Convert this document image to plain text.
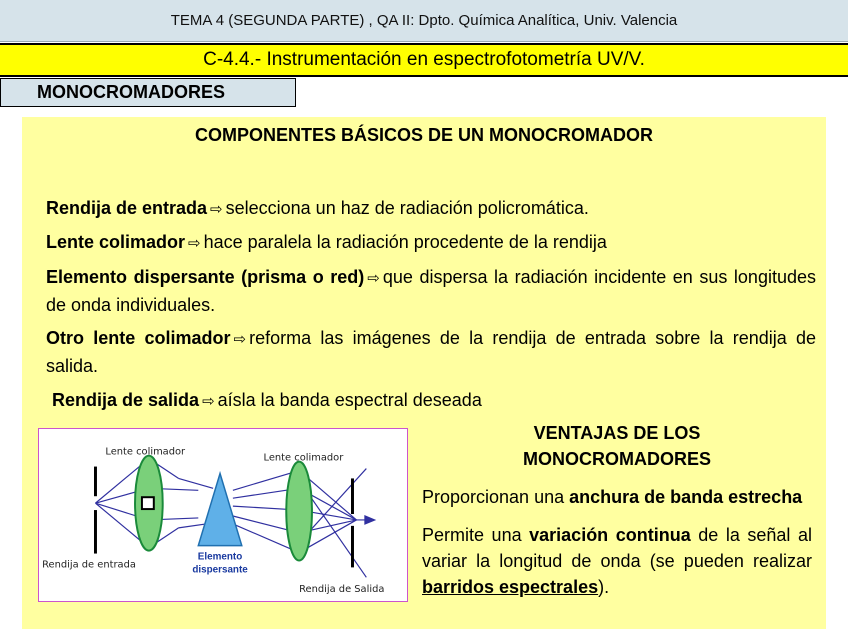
TEMA 4 (SEGUNDA PARTE) , QA II: Dpto. Química Analítica, Univ. Valencia
C-4.4.- Instrumentación en espectrofotometría UV/V.
MONOCROMADORES
COMPONENTES BÁSICOS DE UN MONOCROMADOR

Rendija de entrada ⇨ selecciona un haz de radiación policromática.

Lente colimador ⇨ hace paralela la radiación procedente de la rendija

Elemento dispersante (prisma o red) ⇨ que dispersa la radiación incidente en sus longitudes de onda individuales.

Otro lente colimador ⇨ reforma las imágenes de la rendija de entrada sobre la rendija de salida.

Rendija de salida ⇨ aísla la banda espectral deseada

Elemento
dispersante
Lente colimador
Lente colimador
Rendija de entrada
Rendija de Salida
VENTAJAS DE LOS
MONOCROMADORES

Proporcionan una anchura de banda estrecha

Permite una variación continua de la señal al variar la longitud de onda (se pueden realizar barridos espectrales).
